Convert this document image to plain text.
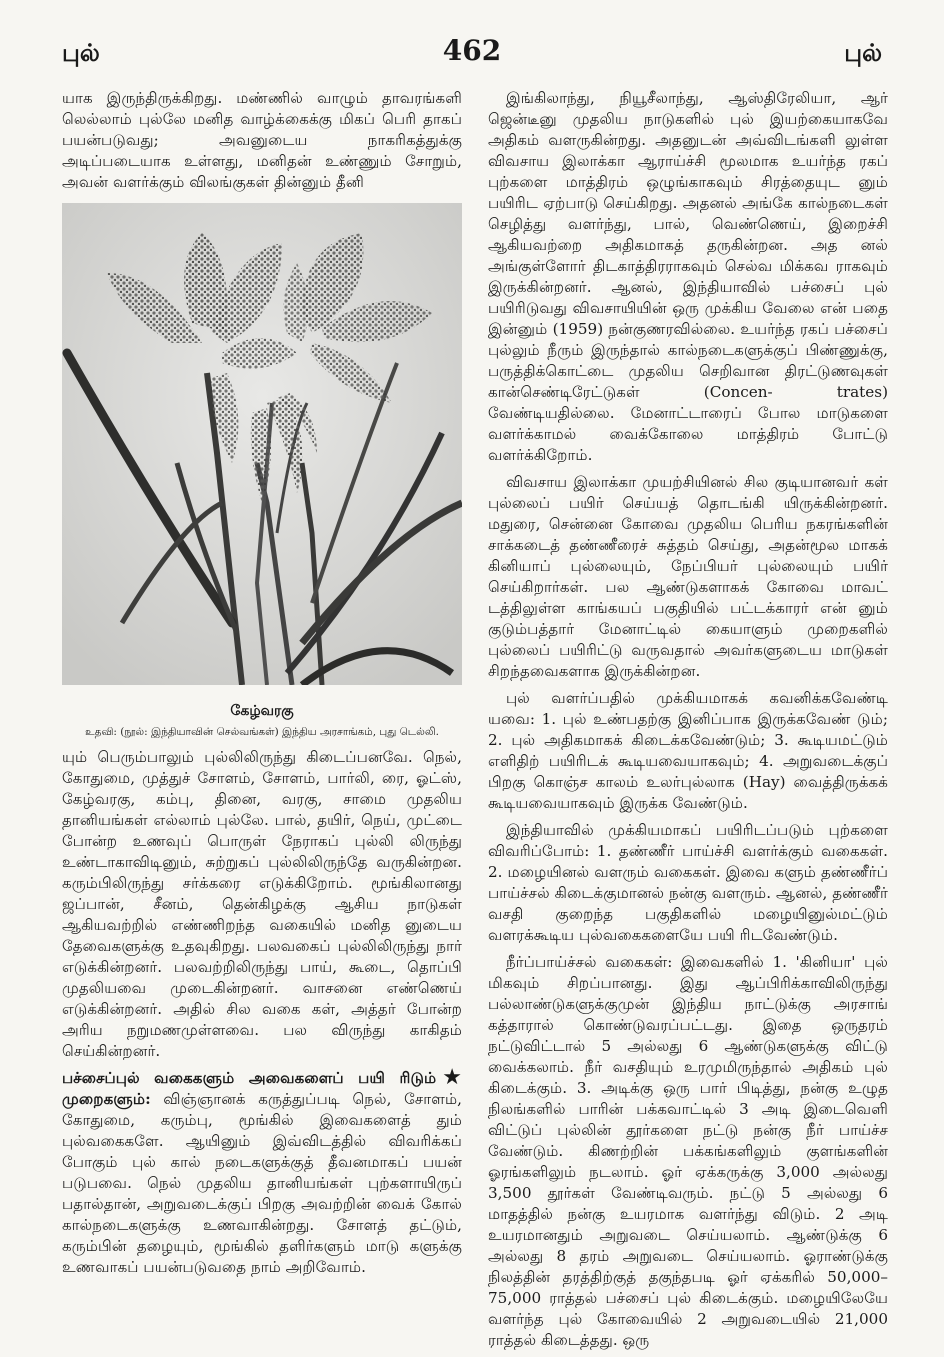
புல்	462	புல்

யாக இருந்திருக்கிறது. மண்ணில் வாழும் தாவரங்களி லெல்லாம் புல்லே மனித வாழ்க்கைக்கு மிகப் பெரி தாகப் பயன்படுவது; அவனுடைய நாகரிகத்துக்கு அடிப்படையாக உள்ளது, மனிதன் உண்ணும் சோறும், அவன் வளர்க்கும் விலங்குகள் தின்னும் தீனி

கேழ்வரகு
உதவி: (நூல்: இந்தியாவின் செல்வங்கள்) இந்திய அரசாங்கம், புது டெல்லி.

யும் பெரும்பாலும் புல்லிலிருந்து கிடைப்பனவே. நெல், கோதுமை, முத்துச் சோளம், சோளம், பார்லி, ரை, ஓட்ஸ், கேழ்வரகு, கம்பு, தினை, வரகு, சாமை முதலிய தானியங்கள் எல்லாம் புல்லே. பால், தயிர், நெய், முட்டை போன்ற உணவுப் பொருள் நேராகப் புல்லி லிருந்து உண்டாகாவிடினும், சுற்றுகப் புல்லிலிருந்தே வருகின்றன. கரும்பிலிருந்து சர்க்கரை எடுக்கிறோம். மூங்கிலானது ஜப்பான், சீனம், தென்கிழக்கு ஆசிய நாடுகள் ஆகியவற்றில் எண்ணிறந்த வகையில் மனித னுடைய தேவைகளுக்கு உதவுகிறது. பலவகைப் புல்லிலிருந்து நார் எடுக்கின்றனர். பலவற்றிலிருந்து பாய், கூடை, தொப்பி முதலியவை முடைகின்றனர். வாசனை எண்ணெய் எடுக்கின்றனர். அதில் சில வகை கள், அத்தர் போன்ற அரிய நறுமணமுள்ளவை. பல விருந்து காகிதம் செய்கின்றனர்.

★
பச்சைப்புல் வகைகளும் அவைகளைப் பயி ரிடும் முறைகளும்: விஞ்ஞானக் கருத்துப்படி நெல், சோளம், கோதுமை, கரும்பு, மூங்கில் இவைகளைத் தும் புல்வகைகளே. ஆயினும் இவ்விடத்தில் விவரிக்கப் போகும் புல் கால் நடைகளுக்குத் தீவனமாகப் பயன் படுபவை. நெல் முதலிய தானியங்கள் புற்களாயிருப் பதால்தான், அறுவடைக்குப் பிறகு அவற்றின் வைக் கோல் கால்நடைகளுக்கு உணவாகின்றது. சோளத் தட்டும், கரும்பின் தழையும், மூங்கில் தளிர்களும் மாடு களுக்கு உணவாகப் பயன்படுவதை நாம் அறிவோம்.

இங்கிலாந்து, நியூசீலாந்து, ஆஸ்திரேலியா, ஆர் ஜென்டீனு முதலிய நாடுகளில் புல் இயற்கையாகவே அதிகம் வளருகின்றது. அதனுடன் அவ்விடங்களி லுள்ள விவசாய இலாக்கா ஆராய்ச்சி மூலமாக உயர்ந்த ரகப் புற்களை மாத்திரம் ஒழுங்காகவும் சிரத்தையுட னும் பயிரிட ஏற்பாடு செய்கிறது. அதனல் அங்கே கால்நடைகள் செழித்து வளர்ந்து, பால், வெண்ணெய், இறைச்சி ஆகியவற்றை அதிகமாகத் தருகின்றன. அத னல் அங்குள்ளோர் திடகாத்திரராகவும் செல்வ மிக்கவ ராகவும் இருக்கின்றனர். ஆனல், இந்தியாவில் பச்சைப் புல் பயிரிடுவது விவசாயியின் ஒரு முக்கிய வேலை என் பதை இன்னும் (1959) நன்குணரவில்லை. உயர்ந்த ரகப் பச்சைப் புல்லும் நீரும் இருந்தால் கால்நடைகளுக்குப் பிண்ணுக்கு, பருத்திக்கொட்டை முதலிய செறிவான திரட்டுணவுகள் கான்செண்டிரேட்டுகள் (Concen- trates) வேண்டியதில்லை. மேனாட்டாரைப் போல மாடுகளை வளர்க்காமல் வைக்கோலை மாத்திரம் போட்டு வளர்க்கிறோம்.

விவசாய இலாக்கா முயற்சியினல் சில குடியானவர் கள் புல்லைப் பயிர் செய்யத் தொடங்கி யிருக்கின்றனர். மதுரை, சென்னை கோவை முதலிய பெரிய நகரங்களின் சாக்கடைத் தண்ணீரைச் சுத்தம் செய்து, அதன்மூல மாகக் கினியாப் புல்லையும், நேப்பியர் புல்லையும் பயிர் செய்கிறார்கள். பல ஆண்டுகளாகக் கோவை மாவட் டத்திலுள்ள காங்கயப் பகுதியில் பட்டக்காரர் என் னும் குடும்பத்தார் மேனாட்டில் கையாளும் முறைகளில் புல்லைப் பயிரிட்டு வருவதால் அவர்களுடைய மாடுகள் சிறந்தவைகளாக இருக்கின்றன.

புல் வளர்ப்பதில் முக்கியமாகக் கவனிக்கவேண்டி யவை: 1. புல் உண்பதற்கு இனிப்பாக இருக்கவேண் டும்; 2. புல் அதிகமாகக் கிடைக்கவேண்டும்; 3. கூடியமட்டும் எளிதிற் பயிரிடக் கூடியவையாகவும்; 4. அறுவடைக்குப் பிறகு கொஞ்ச காலம் உலர்புல்லாக (Hay) வைத்திருக்கக் கூடியவையாகவும் இருக்க வேண்டும்.

இந்தியாவில் முக்கியமாகப் பயிரிடப்படும் புற்களை விவரிப்போம்: 1. தண்ணீர் பாய்ச்சி வளர்க்கும் வகைகள். 2. மழையினல் வளரும் வகைகள். இவை களும் தண்ணீர்ப் பாய்ச்சல் கிடைக்குமானல் நன்கு வளரும். ஆனல், தண்ணீர் வசதி குறைந்த பகுதிகளில் மழையினுல்மட்டும் வளரக்கூடிய புல்வகைகளையே பயி ரிடவேண்டும்.

நீர்ப்பாய்ச்சல் வகைகள்: இவைகளில் 1. 'கினியா' புல் மிகவும் சிறப்பானது. இது ஆப்பிரிக்காவிலிருந்து பல்லாண்டுகளுக்குமுன் இந்திய நாட்டுக்கு அரசாங் கத்தாரால் கொண்டுவரப்பட்டது. இதை ஒருதரம் நட்டுவிட்டால் 5 அல்லது 6 ஆண்டுகளுக்கு விட்டு வைக்கலாம். நீர் வசதியும் உரமுமிருந்தால் அதிகம் புல் கிடைக்கும். 3. அடிக்கு ஒரு பார் பிடித்து, நன்கு உழுத நிலங்களில் பாரின் பக்கவாட்டில் 3 அடி இடைவெளி விட்டுப் புல்லின் தூர்களை நட்டு நன்கு நீர் பாய்ச்ச வேண்டும். கிணற்றின் பக்கங்களிலும் குளங்களின் ஓரங்களிலும் நடலாம். ஓர் ஏக்கருக்கு 3,000 அல்லது 3,500 தூர்கள் வேண்டிவரும். நட்டு 5 அல்லது 6 மாதத்தில் நன்கு உயரமாக வளர்ந்து விடும். 2 அடி உயரமானதும் அறுவடை செய்யலாம். ஆண்டுக்கு 6 அல்லது 8 தரம் அறுவடை செய்யலாம். ஓராண்டுக்கு நிலத்தின் தரத்திற்குத் தகுந்தபடி ஓர் ஏக்கரில் 50,000–75,000 ராத்தல் பச்சைப் புல் கிடைக்கும். மழையிலேயே வளர்ந்த புல் கோவையில் 2 அறுவடையில் 21,000 ராத்தல் கிடைத்தது. ஒரு
